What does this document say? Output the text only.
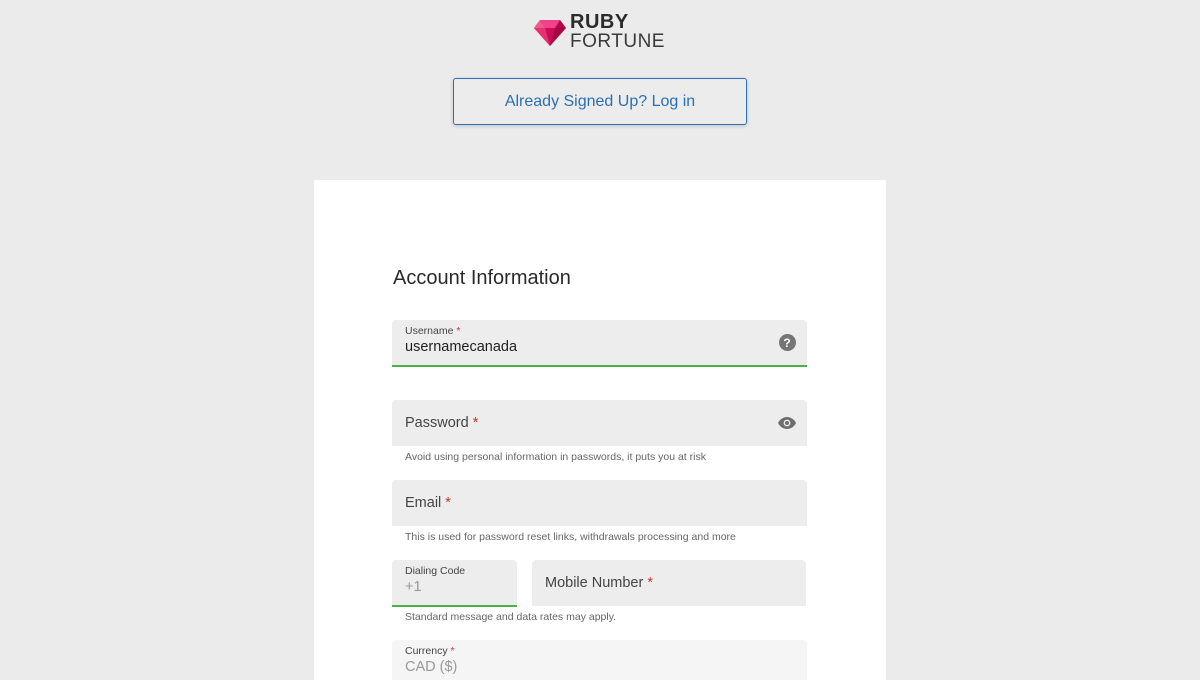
RUBY
FORTUNE
Already Signed Up? Log in
Account Information
Username *
usernamecanada	?
Password *
Avoid using personal information in passwords, it puts you at risk
Email *
This is used for password reset links, withdrawals processing and more
Dialing Code
+1	Mobile Number *
Standard message and data rates may apply.
Currency *
CAD ($)
